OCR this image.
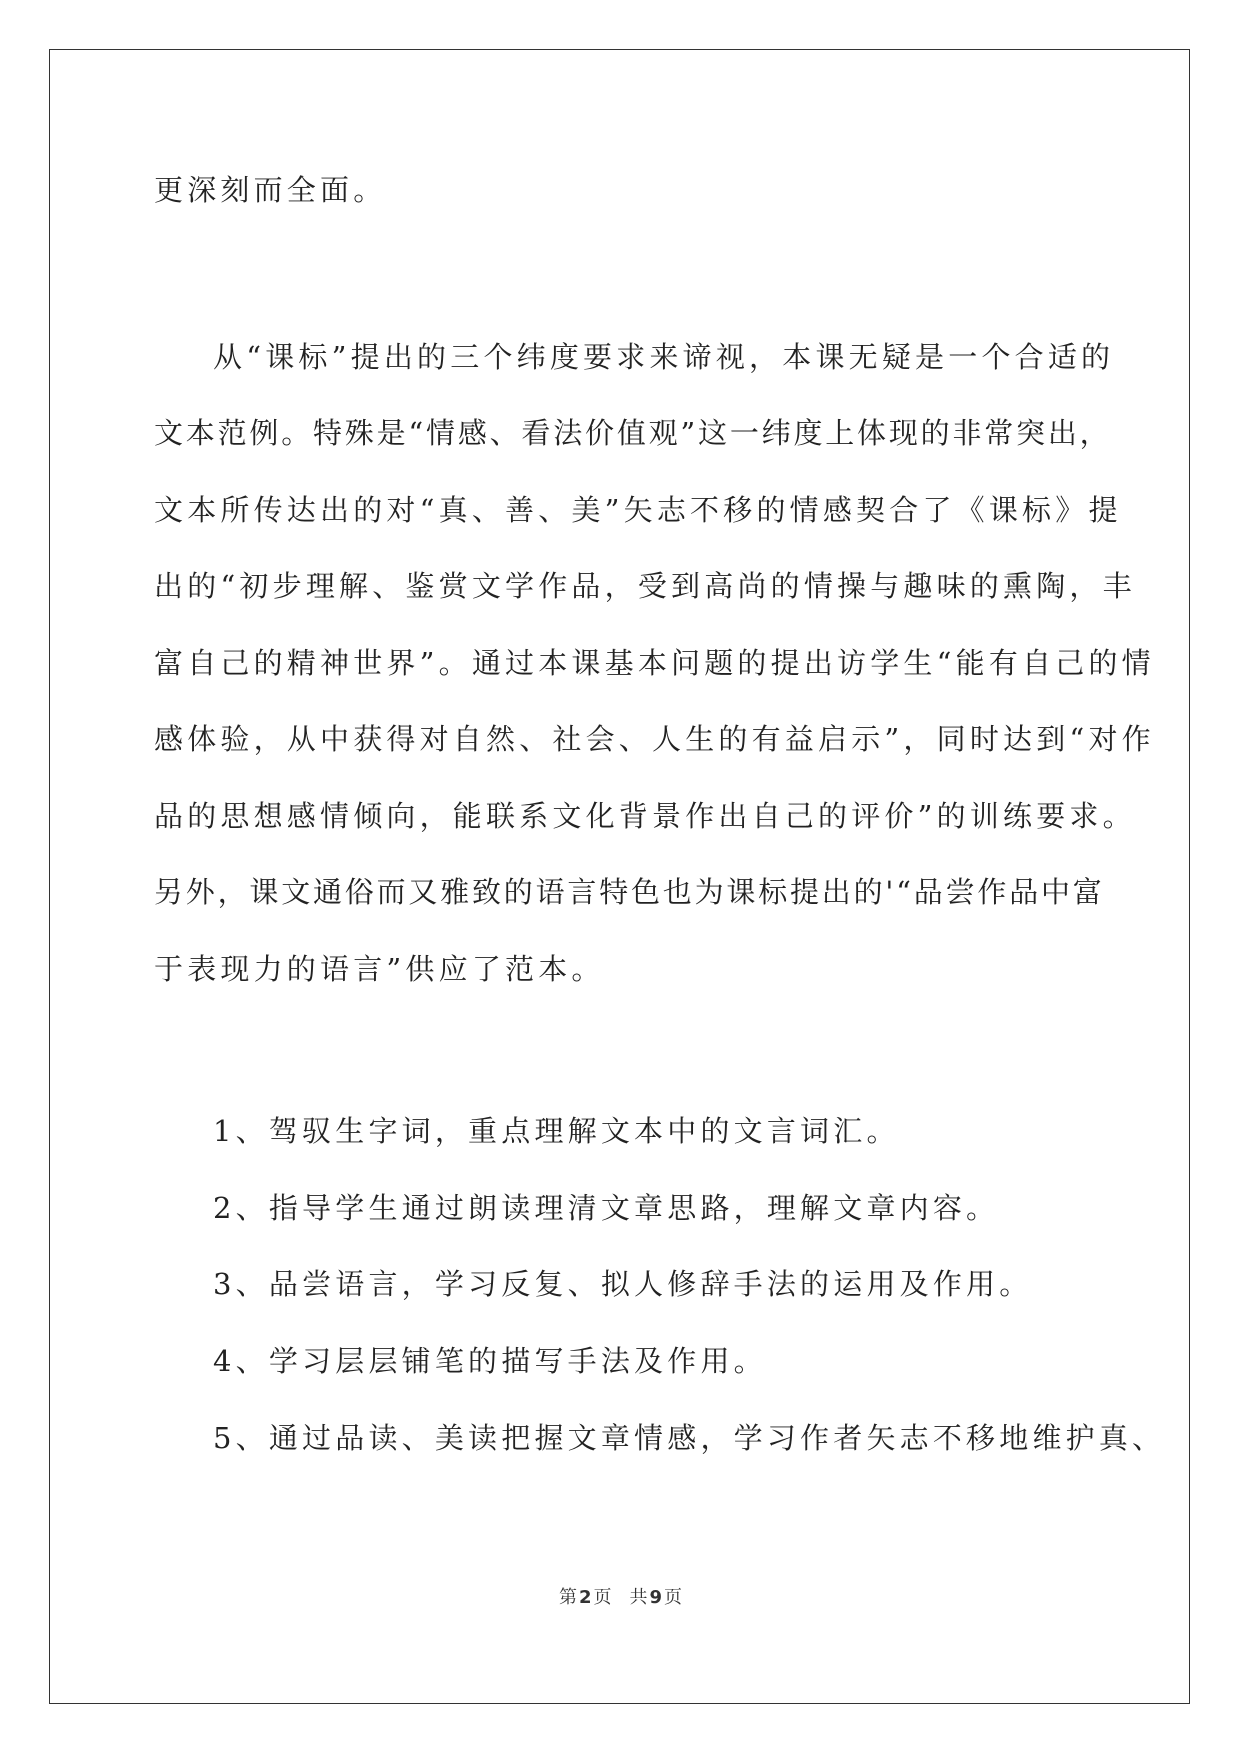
更深刻而全面。
从“课标”提出的三个纬度要求来谛视，本课无疑是一个合适的
文本范例。特殊是“情感、看法价值观”这一纬度上体现的非常突出，
文本所传达出的对“真、善、美”矢志不移的情感契合了《课标》提
出的“初步理解、鉴赏文学作品，受到高尚的情操与趣味的熏陶，丰
富自己的精神世界”。通过本课基本问题的提出访学生“能有自己的情
感体验，从中获得对自然、社会、人生的有益启示”，同时达到“对作
品的思想感情倾向，能联系文化背景作出自己的评价”的训练要求。
另外，课文通俗而又雅致的语言特色也为课标提出的'“品尝作品中富
于表现力的语言”供应了范本。
1、驾驭生字词，重点理解文本中的文言词汇。
2、指导学生通过朗读理清文章思路，理解文章内容。
3、品尝语言，学习反复、拟人修辞手法的运用及作用。
4、学习层层铺笔的描写手法及作用。
5、通过品读、美读把握文章情感，学习作者矢志不移地维护真、
第 2 页 共 9 页
